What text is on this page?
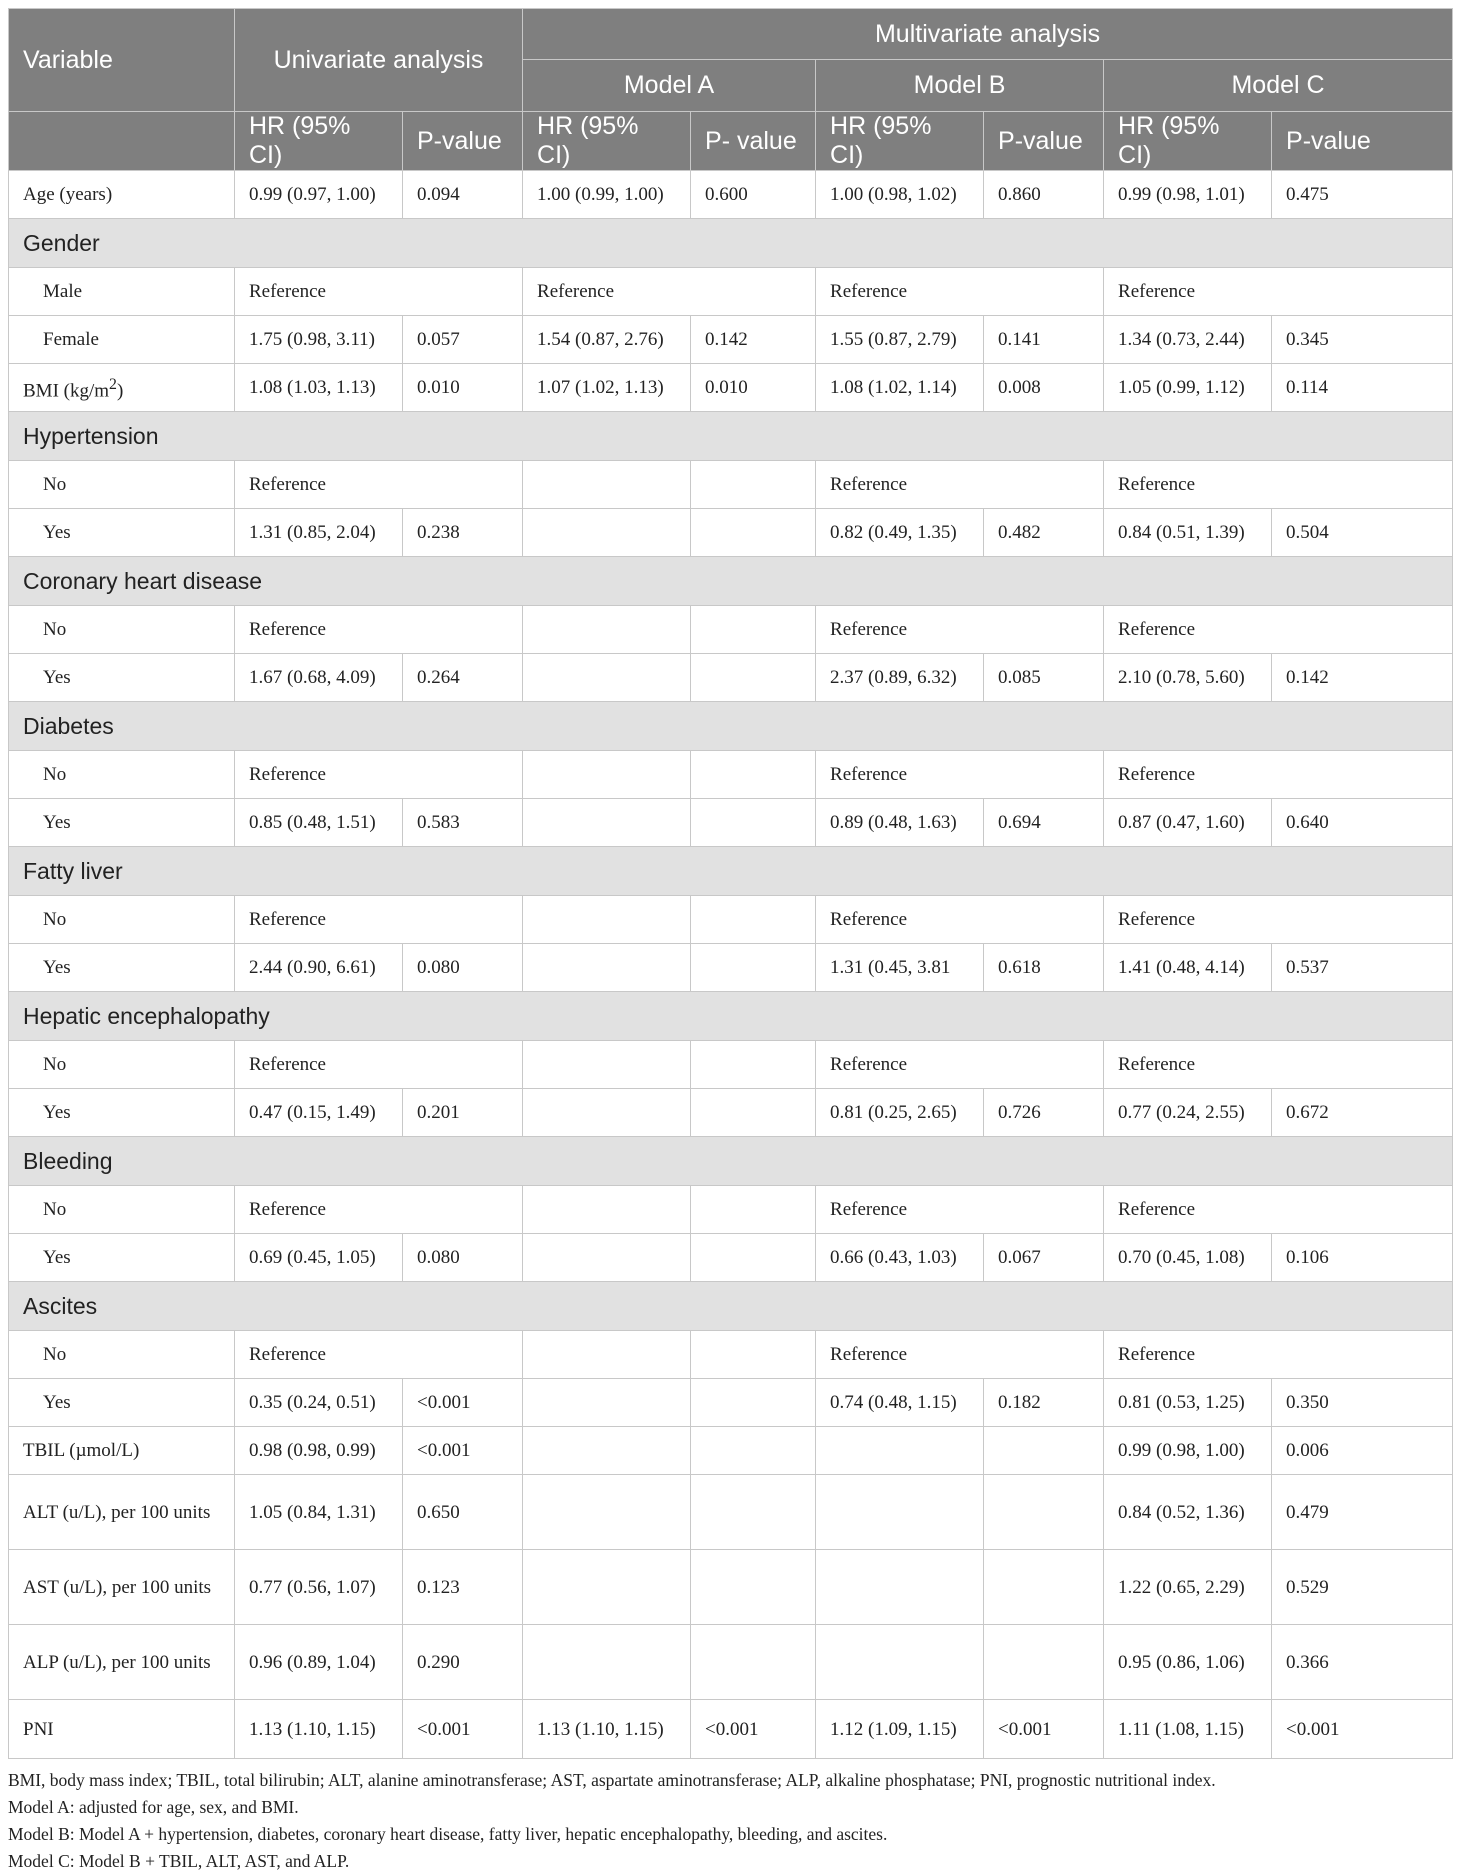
Variable	Univariate analysis		Multivariate analysis					
			Model A		Model B		Model C	
	HR (95% CI)	P-value	HR (95% CI)	P- value	HR (95% CI)	P-value	HR (95% CI)	P-value
Age (years)	0.99 (0.97, 1.00)	0.094	1.00 (0.99, 1.00)	0.600	1.00 (0.98, 1.02)	0.860	0.99 (0.98, 1.01)	0.475
Gender								
Male	Reference		Reference		Reference		Reference	
Female	1.75 (0.98, 3.11)	0.057	1.54 (0.87, 2.76)	0.142	1.55 (0.87, 2.79)	0.141	1.34 (0.73, 2.44)	0.345
BMI $(kg/m^2)$	1.08 (1.03, 1.13)	0.010	1.07 (1.02, 1.13)	0.010	1.08 (1.02, 1.14)	0.008	1.05 (0.99, 1.12)	0.114
Hypertension								
No	Reference				Reference		Reference	
Yes	1.31 (0.85, 2.04)	0.238			0.82 (0.49, 1.35)	0.482	0.84 (0.51, 1.39)	0.504
Coronary heart disease								
No	Reference				Reference		Reference	
Yes	1.67 (0.68, 4.09)	0.264			2.37 (0.89, 6.32)	0.085	2.10 (0.78, 5.60)	0.142
Diabetes								
No	Reference				Reference		Reference	
Yes	0.85 (0.48, 1.51)	0.583			0.89 (0.48, 1.63)	0.694	0.87 (0.47, 1.60)	0.640
Fatty liver								
No	Reference				Reference		Reference	
Yes	2.44 (0.90, 6.61)	0.080			1.31 (0.45, 3.81	0.618	1.41 (0.48, 4.14)	0.537
Hepatic encephalopathy								
No	Reference				Reference		Reference	
Yes	0.47 (0.15, 1.49)	0.201			0.81 (0.25, 2.65)	0.726	0.77 (0.24, 2.55)	0.672
Bleeding								
No	Reference				Reference		Reference	
Yes	0.69 (0.45, 1.05)	0.080			0.66 (0.43, 1.03)	0.067	0.70 (0.45, 1.08)	0.106
Ascites								
No	Reference				Reference		Reference	
Yes	0.35 (0.24, 0.51)	<0.001			0.74 (0.48, 1.15)	0.182	0.81 (0.53, 1.25)	0.350
TBIL (µmol/L)	0.98 (0.98, 0.99)	<0.001					0.99 (0.98, 1.00)	0.006
ALT (u/L), per 100 units	1.05 (0.84, 1.31)	0.650					0.84 (0.52, 1.36)	0.479
AST (u/L), per 100 units	0.77 (0.56, 1.07)	0.123					1.22 (0.65, 2.29)	0.529
ALP (u/L), per 100 units	0.96 (0.89, 1.04)	0.290					0.95 (0.86, 1.06)	0.366
PNI	1.13 (1.10, 1.15)	<0.001	1.13 (1.10, 1.15)	<0.001	1.12 (1.09, 1.15)	<0.001	1.11 (1.08, 1.15)	<0.001
BMI, body mass index; TBIL, total bilirubin; ALT, alanine aminotransferase; AST, aspartate aminotransferase; ALP, alkaline phosphatase; PNI, prognostic nutritional index.
Model A: adjusted for age, sex, and BMI.
Model B: Model A + hypertension, diabetes, coronary heart disease, fatty liver, hepatic encephalopathy, bleeding, and ascites.
Model C: Model B + TBIL, ALT, AST, and ALP.
